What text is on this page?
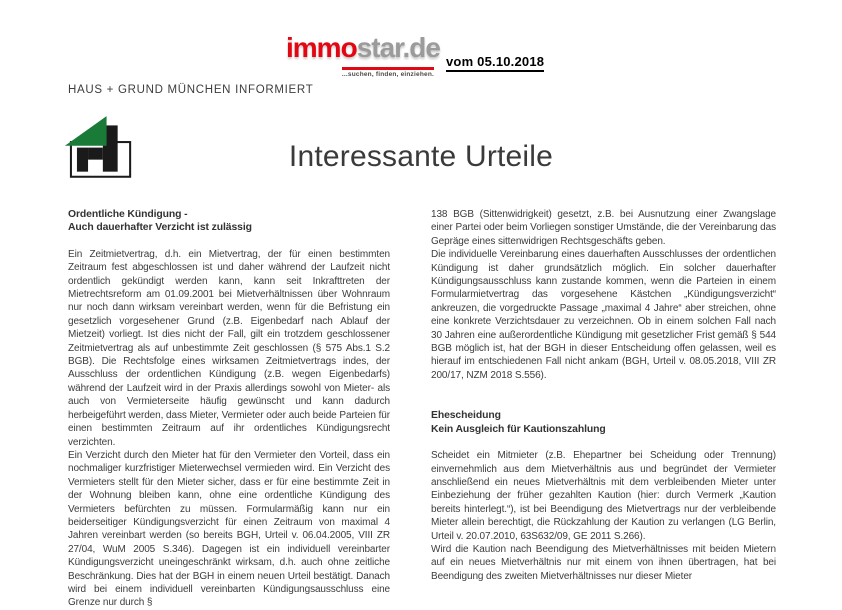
immostar.de
...suchen, finden, einziehen.
vom 05.10.2018
HAUS + GRUND MÜNCHEN INFORMIERT
Interessante Urteile
Ordentliche Kündigung -
Auch dauerhafter Verzicht ist zulässig

Ein Zeitmietvertrag, d.h. ein Mietvertrag, der für einen bestimmten Zeitraum fest abgeschlossen ist und daher während der Laufzeit nicht ordentlich gekündigt werden kann, kann seit Inkrafttreten der Mietrechtsreform am 01.09.2001 bei Mietverhältnissen über Wohnraum nur noch dann wirksam vereinbart werden, wenn für die Befristung ein gesetzlich vorgesehener Grund (z.B. Eigenbedarf nach Ablauf der Mietzeit) vorliegt. Ist dies nicht der Fall, gilt ein trotzdem geschlossener Zeitmietvertrag als auf unbestimmte Zeit geschlossen (§ 575 Abs.1 S.2 BGB). Die Rechtsfolge eines wirksamen Zeitmietvertrags indes, der Ausschluss der ordentlichen Kündigung (z.B. wegen Eigenbedarfs) während der Laufzeit wird in der Praxis allerdings sowohl von Mieter- als auch von Vermieterseite häufig gewünscht und kann dadurch herbeigeführt werden, dass Mieter, Vermieter oder auch beide Parteien für einen bestimmten Zeitraum auf ihr ordentliches Kündigungsrecht verzichten.

Ein Verzicht durch den Mieter hat für den Vermieter den Vorteil, dass ein nochmaliger kurzfristiger Mieterwechsel vermieden wird. Ein Verzicht des Vermieters stellt für den Mieter sicher, dass er für eine bestimmte Zeit in der Wohnung bleiben kann, ohne eine ordentliche Kündigung des Vermieters befürchten zu müssen. Formularmäßig kann nur ein beiderseitiger Kündigungsverzicht für einen Zeitraum von maximal 4 Jahren vereinbart werden (so bereits BGH, Urteil v. 06.04.2005, VIII ZR 27/04, WuM 2005 S.346). Dagegen ist ein individuell vereinbarter Kündigungsverzicht uneingeschränkt wirksam, d.h. auch ohne zeitliche Beschränkung. Dies hat der BGH in einem neuen Urteil bestätigt. Danach wird bei einem individuell vereinbarten Kündigungsausschluss eine Grenze nur durch §

138 BGB (Sittenwidrigkeit) gesetzt, z.B. bei Ausnutzung einer Zwangslage einer Partei oder beim Vorliegen sonstiger Umstände, die der Vereinbarung das Gepräge eines sittenwidrigen Rechtsgeschäfts geben.

Die individuelle Vereinbarung eines dauerhaften Ausschlusses der ordentlichen Kündigung ist daher grundsätzlich möglich. Ein solcher dauerhafter Kündigungsausschluss kann zustande kommen, wenn die Parteien in einem Formularmietvertrag das vorgesehene Kästchen „Kündigungsverzicht“ ankreuzen, die vorgedruckte Passage „maximal 4 Jahre“ aber streichen, ohne eine konkrete Verzichtsdauer zu verzeichnen. Ob in einem solchen Fall nach 30 Jahren eine außerordentliche Kündigung mit gesetzlicher Frist gemäß § 544 BGB möglich ist, hat der BGH in dieser Entscheidung offen gelassen, weil es hierauf im entschiedenen Fall nicht ankam (BGH, Urteil v. 08.05.2018, VIII ZR 200/17, NZM 2018 S.556).

Ehescheidung
Kein Ausgleich für Kautionszahlung

Scheidet ein Mitmieter (z.B. Ehepartner bei Scheidung oder Trennung) einvernehmlich aus dem Mietverhältnis aus und begründet der Vermieter anschließend ein neues Mietverhältnis mit dem verbleibenden Mieter unter Einbeziehung der früher gezahlten Kaution (hier: durch Vermerk „Kaution bereits hinterlegt.“), ist bei Beendigung des Mietvertrags nur der verbleibende Mieter allein berechtigt, die Rückzahlung der Kaution zu verlangen (LG Berlin, Urteil v. 20.07.2010, 63S632/09, GE 2011 S.266).

Wird die Kaution nach Beendigung des Mietverhältnisses mit beiden Mietern auf ein neues Mietverhältnis nur mit einem von ihnen übertragen, hat bei Beendigung des zweiten Mietverhältnisses nur dieser Mieter
